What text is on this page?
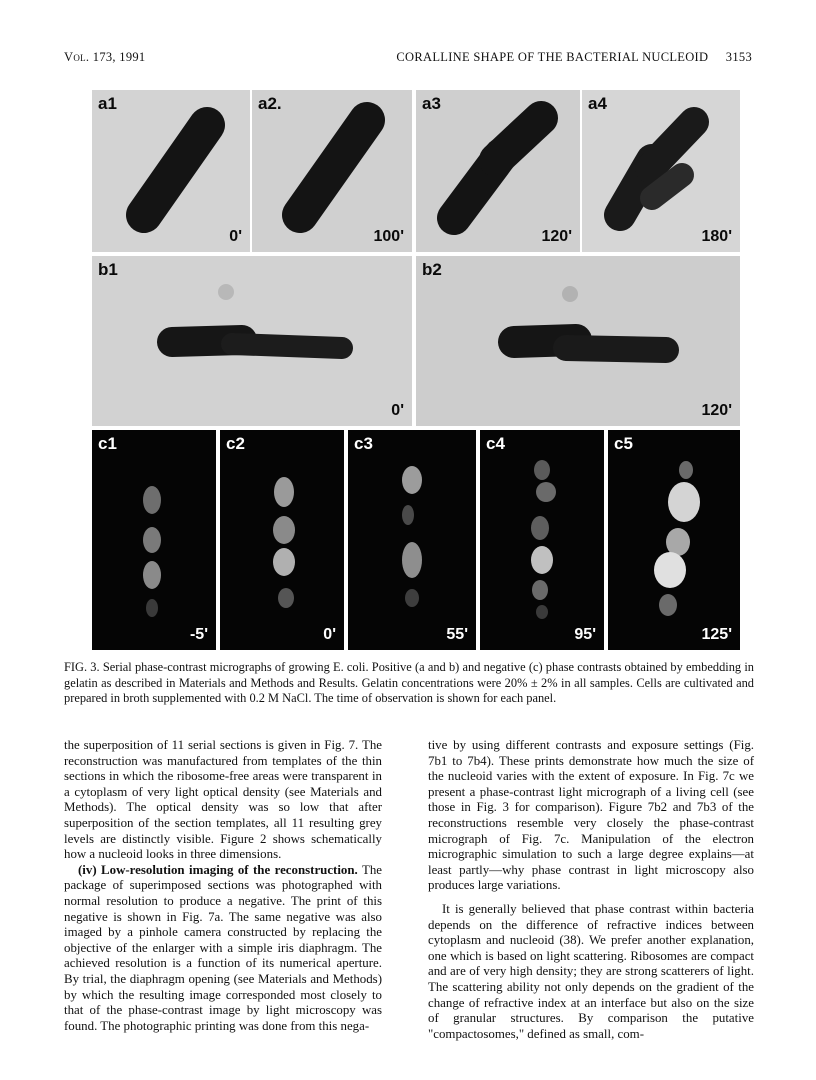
Vol. 173, 1991	CORALLINE SHAPE OF THE BACTERIAL NUCLEOID 3153
a1
0'
a2.
100'
a3
120'
a4
180'
b1
0'
b2
120'
c1
-5'
c2
0'
c3
55'
c4
95'
c5
125'
FIG. 3. Serial phase-contrast micrographs of growing E. coli. Positive (a and b) and negative (c) phase contrasts obtained by embedding in gelatin as described in Materials and Methods and Results. Gelatin concentrations were 20% ± 2% in all samples. Cells are cultivated and prepared in broth supplemented with 0.2 M NaCl. The time of observation is shown for each panel.

the superposition of 11 serial sections is given in Fig. 7. The reconstruction was manufactured from templates of the thin sections in which the ribosome-free areas were transparent in a cytoplasm of very light optical density (see Materials and Methods). The optical density was so low that after superposition of the section templates, all 11 resulting grey levels are distinctly visible. Figure 2 shows schematically how a nucleoid looks in three dimensions.

(iv) Low-resolution imaging of the reconstruction. The package of superimposed sections was photographed with normal resolution to produce a negative. The print of this negative is shown in Fig. 7a. The same negative was also imaged by a pinhole camera constructed by replacing the objective of the enlarger with a simple iris diaphragm. The achieved resolution is a function of its numerical aperture. By trial, the diaphragm opening (see Materials and Methods) by which the resulting image corresponded most closely to that of the phase-contrast image by light microscopy was found. The photographic printing was done from this nega-

tive by using different contrasts and exposure settings (Fig. 7b1 to 7b4). These prints demonstrate how much the size of the nucleoid varies with the extent of exposure. In Fig. 7c we present a phase-contrast light micrograph of a living cell (see those in Fig. 3 for comparison). Figure 7b2 and 7b3 of the reconstructions resemble very closely the phase-contrast micrograph of Fig. 7c. Manipulation of the electron micrographic simulation to such a large degree explains—at least partly—why phase contrast in light microscopy also produces large variations.

It is generally believed that phase contrast within bacteria depends on the difference of refractive indices between cytoplasm and nucleoid (38). We prefer another explanation, one which is based on light scattering. Ribosomes are compact and are of very high density; they are strong scatterers of light. The scattering ability not only depends on the gradient of the change of refractive index at an interface but also on the size of granular structures. By comparison the putative "compactosomes," defined as small, com-
